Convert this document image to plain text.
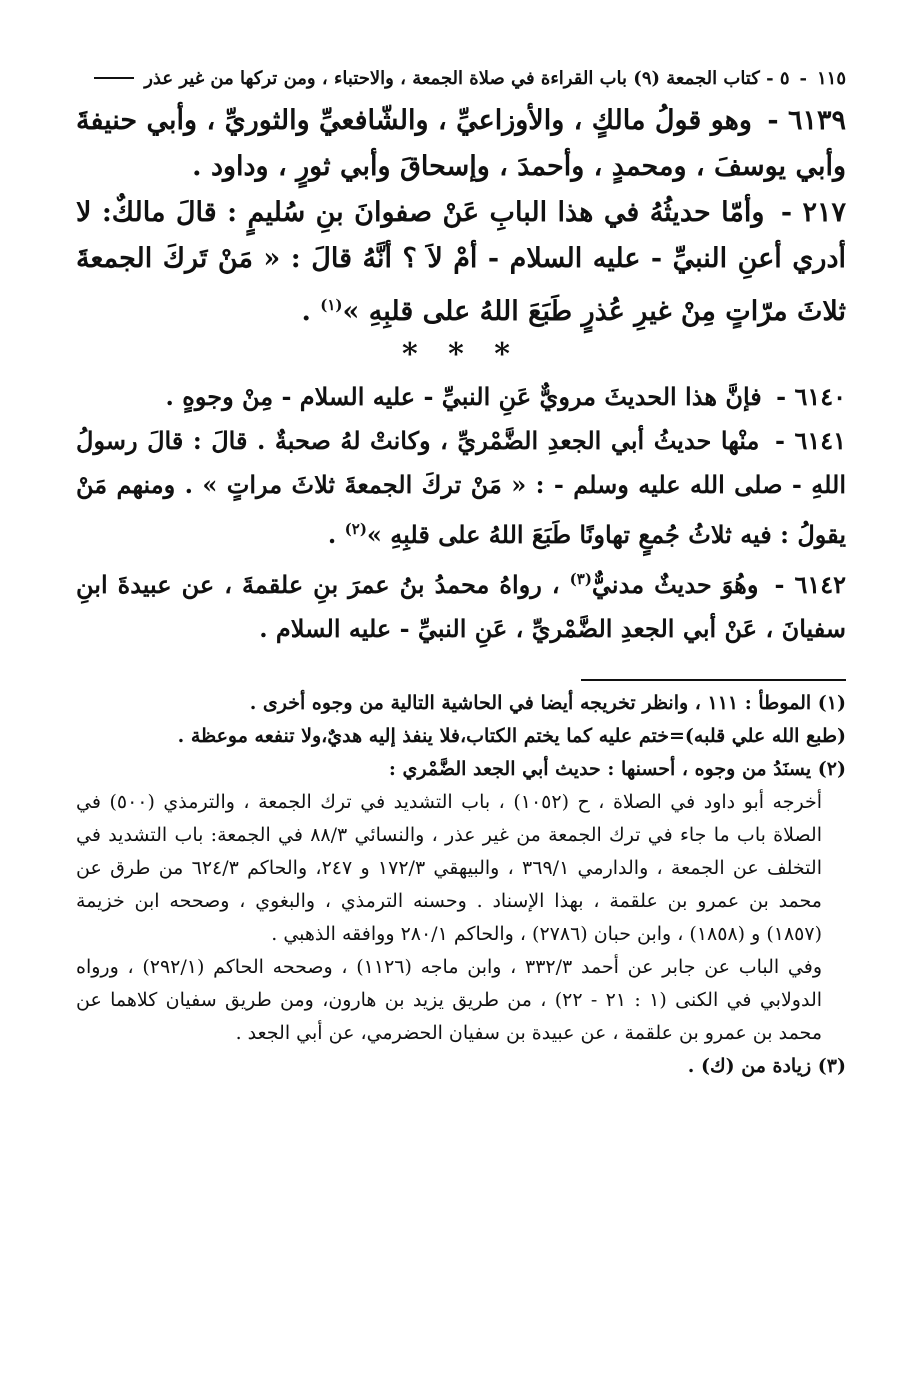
١١٥
-
٥ - كتاب الجمعة (٩) باب القراءة في صلاة الجمعة ، والاحتباء ، ومن تركها من غير عذر

٦١٣٩ - وهو قولُ مالكٍ ، والأوزاعيِّ ، والشّافعيِّ والثوريِّ ، وأبي حنيفةَ وأبي يوسفَ ، ومحمدٍ ، وأحمدَ ، وإسحاقَ وأبي ثورٍ ، وداود .

٢١٧ - وأمّا حديثُهُ في هذا البابِ عَنْ صفوانَ بنِ سُليمٍ : قالَ مالكٌ: لا أدري أعنِ النبيِّ - عليه السلام - أمْ لاَ ؟ أنَّهُ قالَ : « مَنْ تَركَ الجمعةَ ثلاثَ مرّاتٍ مِنْ غيرِ عُذرٍ طَبَعَ اللهُ على قلبِهِ »$^{(١)}$ .

* * *

٦١٤٠ - فإنَّ هذا الحديثَ مرويٌّ عَنِ النبيِّ - عليه السلام - مِنْ وجوهٍ .

٦١٤١ - منْها حديثُ أبي الجعدِ الضَّمْريِّ ، وكانتْ لهُ صحبةٌ . قالَ : قالَ رسولُ اللهِ - صلى الله عليه وسلم - : « مَنْ تركَ الجمعةَ ثلاثَ مراتٍ » . ومنهم مَنْ يقولُ : فيه ثلاثُ جُمعٍ تهاونًا طَبَعَ اللهُ على قلبِهِ »$^{(٢)}$ .

٦١٤٢ - وهُوَ حديثٌ مدنيٌّ$^{(٣)}$ ، رواهُ محمدُ بنُ عمرَ بنِ علقمةَ ، عن عبيدةَ ابنِ سفيانَ ، عَنْ أبي الجعدِ الضَّمْريِّ ، عَنِ النبيِّ - عليه السلام .

(١) الموطأ : ١١١ ، وانظر تخريجه أيضا في الحاشية التالية من وجوه أخرى .

(طبع الله علي قلبه)=ختم عليه كما يختم الكتاب،فلا ينفذ إليه هديٌ،ولا تنفعه موعظة .

(٢) يسنَدُ من وجوه ، أحسنها : حديث أبي الجعد الضَّمْري :

أخرجه أبو داود في الصلاة ، ح (١٠٥٢) ، باب التشديد في ترك الجمعة ، والترمذي (٥٠٠) في الصلاة باب ما جاء في ترك الجمعة من غير عذر ، والنسائي ٨٨/٣ في الجمعة: باب التشديد في التخلف عن الجمعة ، والدارمي ٣٦٩/١ ، والبيهقي ١٧٢/٣ و ٢٤٧، والحاكم ٦٢٤/٣ من طرق عن محمد بن عمرو بن علقمة ، بهذا الإسناد . وحسنه الترمذي ، والبغوي ، وصححه ابن خزيمة (١٨٥٧) و (١٨٥٨) ، وابن حبان (٢٧٨٦) ، والحاكم ٢٨٠/١ ووافقه الذهبي .

وفي الباب عن جابر عن أحمد ٣٣٢/٣ ، وابن ماجه (١١٢٦) ، وصححه الحاكم (٢٩٢/١) ، ورواه الدولابي في الكنى (١ : ٢١ - ٢٢) ، من طريق يزيد بن هارون، ومن طريق سفيان كلاهما عن محمد بن عمرو بن علقمة ، عن عبيدة بن سفيان الحضرمي، عن أبي الجعد .

(٣) زيادة من (ك) .
